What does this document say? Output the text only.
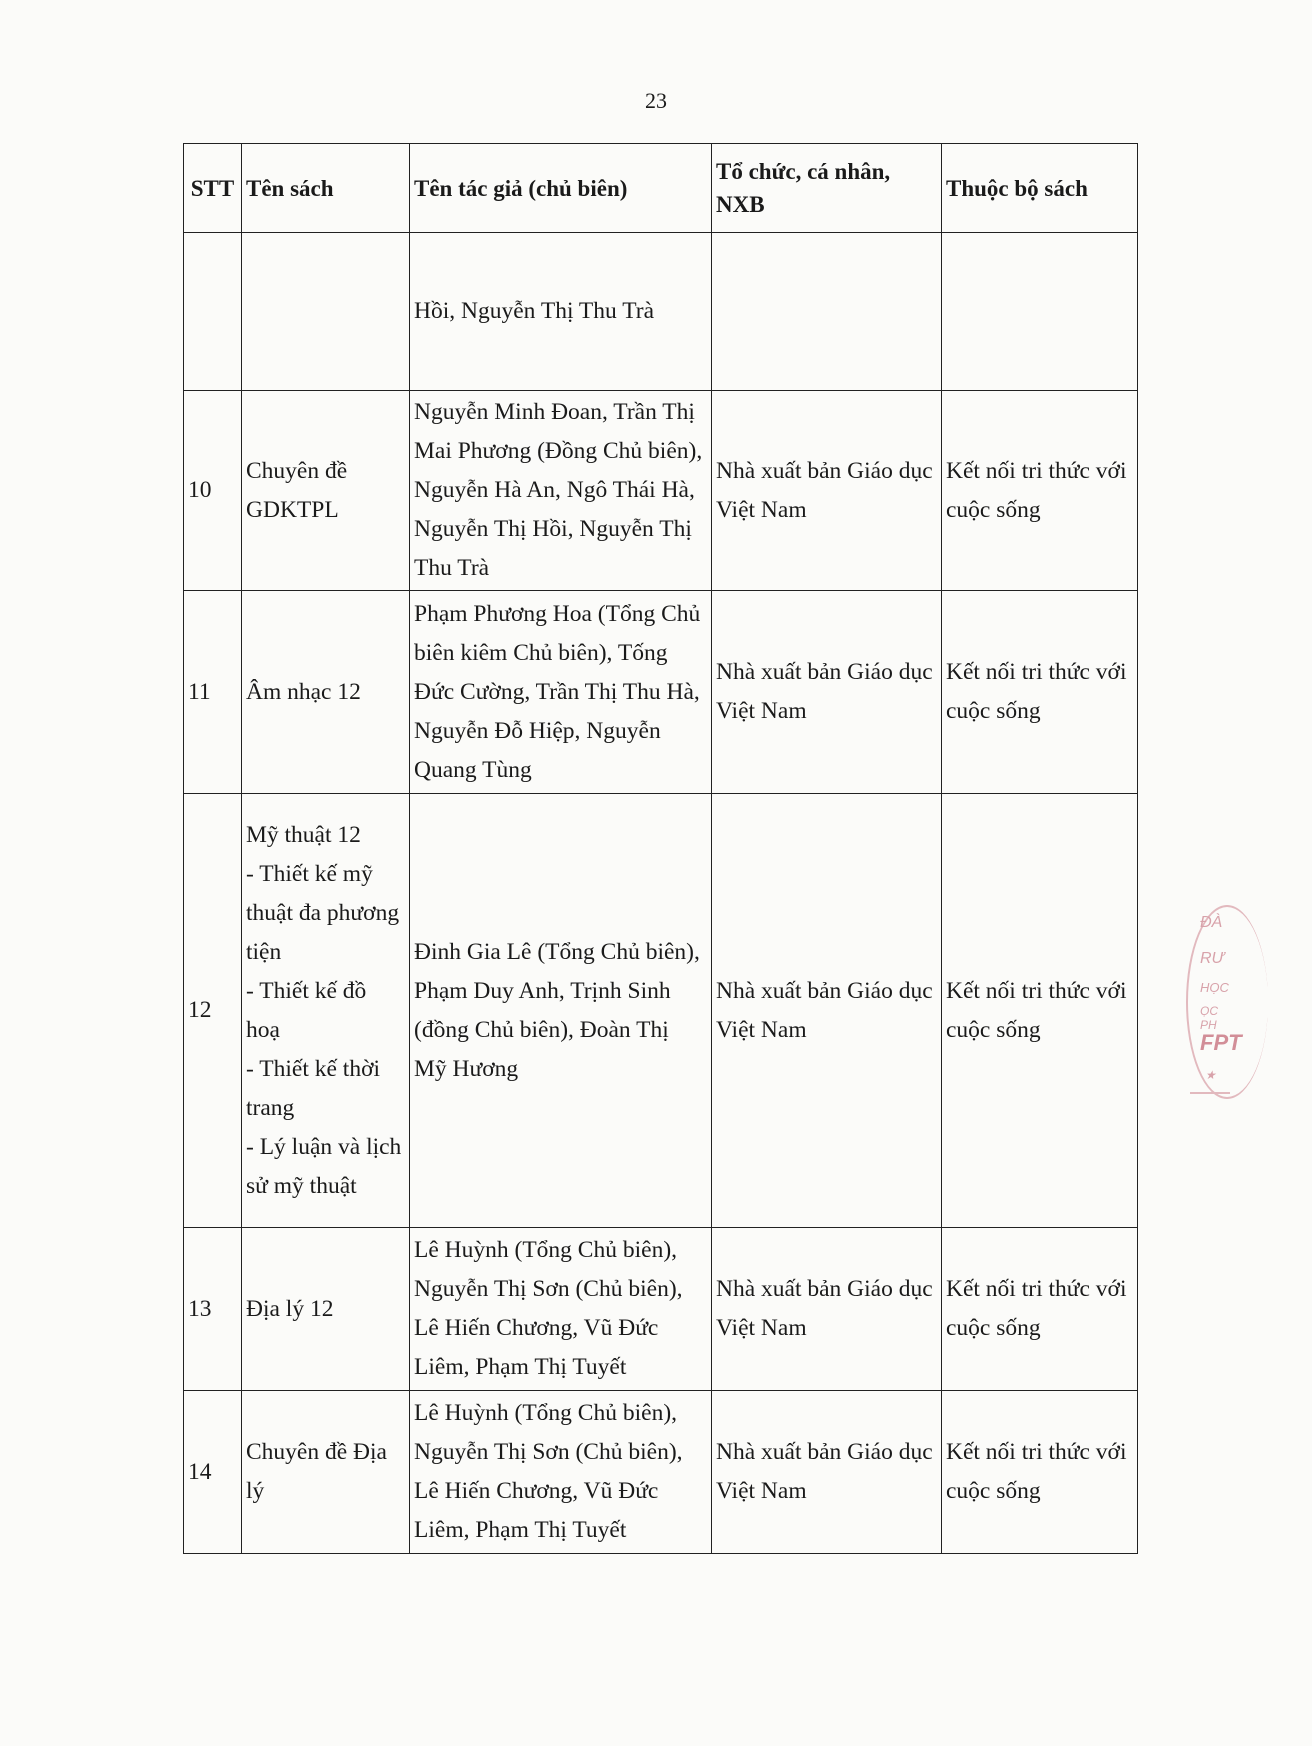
23
STT	Tên sách	Tên tác giả (chủ biên)	Tổ chức, cá nhân, NXB	Thuộc bộ sách
		Hồi, Nguyễn Thị Thu Trà		
10	Chuyên đề GDKTPL	Nguyễn Minh Đoan, Trần Thị Mai Phương (Đồng Chủ biên), Nguyễn Hà An, Ngô Thái Hà, Nguyễn Thị Hồi, Nguyễn Thị Thu Trà	Nhà xuất bản Giáo dục Việt Nam	Kết nối tri thức với cuộc sống
11	Âm nhạc 12	Phạm Phương Hoa (Tổng Chủ biên kiêm Chủ biên), Tống Đức Cường, Trần Thị Thu Hà, Nguyễn Đỗ Hiệp, Nguyễn Quang Tùng	Nhà xuất bản Giáo dục Việt Nam	Kết nối tri thức với cuộc sống
12	Mỹ thuật 12
- Thiết kế mỹ thuật đa phương tiện
- Thiết kế đồ hoạ
- Thiết kế thời trang
- Lý luận và lịch sử mỹ thuật	Đinh Gia Lê (Tổng Chủ biên), Phạm Duy Anh, Trịnh Sinh (đồng Chủ biên), Đoàn Thị Mỹ Hương	Nhà xuất bản Giáo dục Việt Nam	Kết nối tri thức với cuộc sống
13	Địa lý 12	Lê Huỳnh (Tổng Chủ biên), Nguyễn Thị Sơn (Chủ biên), Lê Hiến Chương, Vũ Đức Liêm, Phạm Thị Tuyết	Nhà xuất bản Giáo dục Việt Nam	Kết nối tri thức với cuộc sống
14	Chuyên đề Địa lý	Lê Huỳnh (Tổng Chủ biên), Nguyễn Thị Sơn (Chủ biên), Lê Hiến Chương, Vũ Đức Liêm, Phạm Thị Tuyết	Nhà xuất bản Giáo dục Việt Nam	Kết nối tri thức với cuộc sống
ĐÀ
RƯ
HỌC
ỌC PH
FPT
★
